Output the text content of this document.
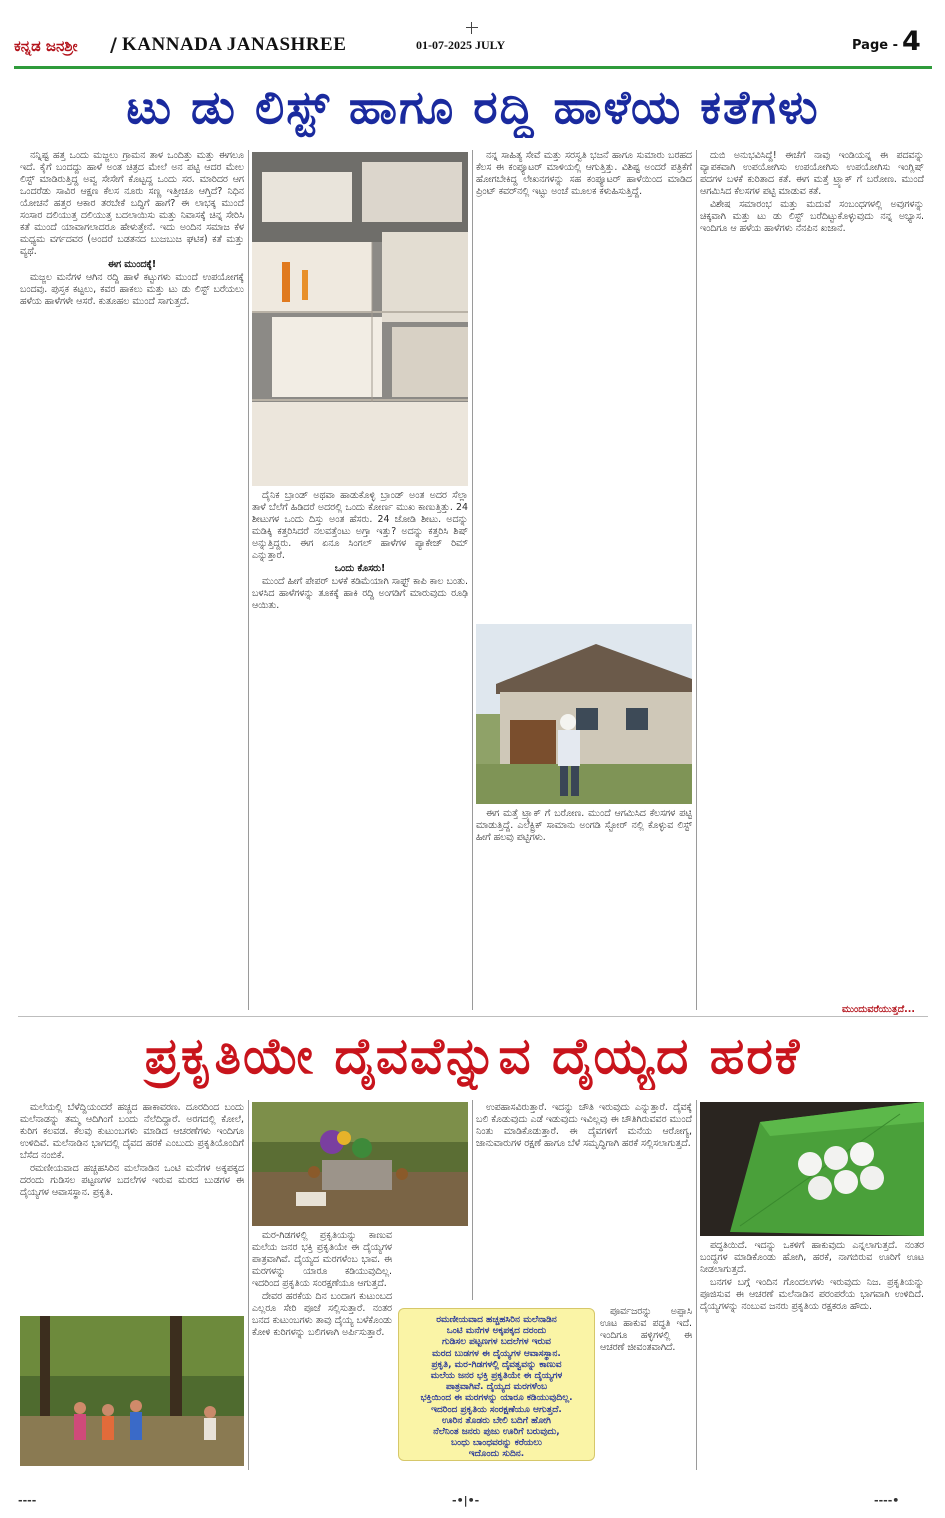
ಕನ್ನಡ ಜನಶ್ರೀ / KANNADA JANASHREE	01-07-2025 JULY	Page - 4
ಟು ಡು ಲಿಸ್ಟ್ ಹಾಗೂ ರದ್ದಿ ಹಾಳೆಯ ಕತೆಗಳು

ನನ್ನಿಷ್ಟ ಹತ್ತ ಒಂದು ಮಜ್ಜಲು ಗ್ರಾಮನ ತಾಳ ಒಂದಿತ್ತು ಮತ್ತು ಈಗಲೂ ಇದೆ. ಕೈಗೆ ಬಂದದ್ದು ಹಾಳೆ ಅಂತ ಚಿತ್ರದ ಮೇಲೆ ಅನ ಪಟ್ಟಿ ಆದರ ಮೇಲ ಲಿಸ್ಟ್ ಮಾಡಿರುತ್ತಿದ್ದ ಅವ್ವ ಸೇಸೇಗೆ ಕೊಟ್ಟದ್ದ ಒಂದು ಸರ. ಮಾರಿದರ ಆಗ ಒಂದರೆಡು ಸಾವಿರ ಆಕ್ಷಣ ಕೆಲಸ ನೂರು ಸಣ್ಣ ಇತ್ತೀಚೂ ಆಗ್ತಿದೆ? ನಿಧಿನ ಯೋಚನೆ ಹತ್ತರ ಆಕಾರ ತರಬೇಕೆ ಬದ್ಧಿಗೆ ಹಾಗೆ? ಈ ಲಾಭಕ್ಕ ಮುಂದೆ ಸಂಸಾರ ದಲಿಯುತ್ತ ದಲಿಯುತ್ತ ಬದಲಾಯಿಸು ಮತ್ತು ನಿವಾಸಕ್ಕೆ ಚಿನ್ನ ಸೇರಿಸಿ ಕತೆ ಮುಂದೆ ಯಾವಾಗಲಾದರೂ ಹೇಳುತ್ತೇನೆ. ಇದು ಅಂದಿನ ಸಮಾಜ ಕೆಳ ಮಧ್ಯಮ ವರ್ಗದವರ (ಅಂದರೆ ಬಡತನದ ಬುಜಬುಜ ಘಟಿಕ) ಕತೆ ಮತ್ತು ವ್ಯಥೆ.

ಈಗ ಮುಂದಕ್ಕೆ!

ಮಜ್ಜಲ ಮನೆಗಳ ಆಗಿನ ರದ್ದಿ ಹಾಳೆ ಕಟ್ಟುಗಳು ಮುಂದೆ ಉಪಯೋಗಕ್ಕೆ ಬಂದವು. ಪುಸ್ತಕ ಕಟ್ಟಲು, ಕವರ ಹಾಕಲು ಮತ್ತು ಟು ಡು ಲಿಸ್ಟ್ ಬರೆಯಲು ಹಳೆಯ ಹಾಳೆಗಳೇ ಆಸರೆ. ಕುತೂಹಲ ಮುಂದೆ ಸಾಗುತ್ತದೆ.

ದೈನಿಕ ಬ್ರಾಂಡ್ ಅಥವಾ ಹಾಡುಕೊಳ್ಳಿ ಬ್ರಾಂಡ್ ಅಂತ ಅದರ ಸೆಲ್ಲಾ ತಾಳೆ ಬೆಲೆಗೆ ಹಿಡಿದರೆ ಅದರಲ್ಲಿ ಒಂದು ಕೋರ್ಣ ಮುಖ ಕಾಣುತ್ತಿತ್ತು. 24 ಶೀಟುಗಳ ಒಂದು ದಿಸ್ತು ಅಂತ ಹೆಸರು. 24 ಜೋಡಿ ಶೀಟು. ಅದನ್ನು ಮಡಿಕ್ಕಿ ಕತ್ತರಿಸಿದರೆ ನಲವತ್ತೆಂಟು ಅಗ್ತಾ ಇತ್ತು? ಅದನ್ನು ಕತ್ತರಿಸಿ ಶಿಷ್ ಅನ್ನುತ್ತಿದ್ದರು. ಈಗ ಏನೂ ಸಿಂಗಲ್ ಹಾಳೆಗಳ ಪ್ಯಾಕೇಜ್ ರಿಮ್ ಎನ್ನುತ್ತಾರೆ.

ಒಂದು ಕೊಸರು!

ಮುಂದೆ ಹೀಗೆ ಪೇಪರ್ ಬಳಕೆ ಕಡಿಮೆಯಾಗಿ ಸಾಫ್ಟ್ ಕಾಪಿ ಕಾಲ ಬಂತು. ಬಳಸಿದ ಹಾಳೆಗಳನ್ನು ತೂಕಕ್ಕೆ ಹಾಕಿ ರದ್ದಿ ಅಂಗಡಿಗೆ ಮಾರುವುದು ರೂಢಿ ಆಯಿತು.

ನನ್ನ ಸಾಹಿತ್ಯ ಸೇವೆ ಮತ್ತು ಸರಸ್ವತಿ ಭಜನೆ ಹಾಗೂ ಸುಮಾರು ಬರಹದ ಕೆಲಸ ಈ ಕಂಪ್ಯೂಟರ್ ಮಾಳಿಯಲ್ಲಿ ಆಗುತ್ತಿತ್ತು. ವಿಶಿಷ್ಟ ಅಂದರೆ ಪತ್ರಿಕೆಗೆ ಹೋಗಬೇಕಿದ್ದ ಲೇಖನಗಳನ್ನು ಸಹ ಕಂಪ್ಯೂಟರ್ ಹಾಳೆಯಿಂದ ಮಾಡಿದ ಪ್ರಿಂಟ್ ಕವರ್‌ನಲ್ಲಿ ಇಟ್ಟು ಅಂಚೆ ಮೂಲಕ ಕಳುಹಿಸುತ್ತಿದ್ದೆ.

ಈಗ ಮತ್ತೆ ಟ್ರ್ಯಾಕ್ ಗೆ ಬರೋಣ. ಮುಂದೆ ಆಗಮಿಸಿದ ಕೆಲಸಗಳ ಪಟ್ಟಿ ಮಾಡುತ್ತಿದ್ದೆ. ಎಲೆಕ್ಟ್ರಿಕ್ ಸಾಮಾನು ಅಂಗಡಿ ಸ್ಟೋರ್ ನಲ್ಲಿ ಕೊಳ್ಳುವ ಲಿಸ್ಟ್ ಹೀಗೆ ಹಲವು ಪಟ್ಟಿಗಳು.

ದುಬಿ ಅನುಭವಿಸಿದ್ದೆ! ಈಚೆಗೆ ನಾವು ಇಂಡಿಯನ್ನ ಈ ಪದವನ್ನು ವ್ಯಾಪಕವಾಗಿ ಉಪಯೋಗಿಸು ಉಪಯೋಗಿಸು ಉಪಯೋಗಿಸು ಇಂಗ್ಲಿಷ್ ಪದಗಳ ಬಳಕೆ ಕುರಿತಾದ ಕತೆ. ಈಗ ಮತ್ತೆ ಟ್ರ್ಯಾಕ್ ಗೆ ಬರೋಣ. ಮುಂದೆ ಆಗಮಿಸಿದ ಕೆಲಸಗಳ ಪಟ್ಟಿ ಮಾಡುವ ಕತೆ.

ವಿಶೇಷ ಸಮಾರಂಭ ಮತ್ತು ಮದುವೆ ಸಂಬಂಧಗಳಲ್ಲಿ ಅವುಗಳನ್ನು ಚಿಕ್ಕವಾಗಿ ಮತ್ತು ಟು ಡು ಲಿಸ್ಟ್ ಬರೆದಿಟ್ಟುಕೊಳ್ಳುವುದು ನನ್ನ ಅಭ್ಯಾಸ. ಇಂದಿಗೂ ಆ ಹಳೆಯ ಹಾಳೆಗಳು ನೆನಪಿನ ಖಜಾನೆ.

ಮುಂದುವರೆಯುತ್ತದೆ...
ಪ್ರಕೃತಿಯೇ ದೈವವೆನ್ನುವ ದೈಯ್ಯದ ಹರಕೆ

ಮಲೆಯಲ್ಲಿ ಬೆಳೆದ್ದಿಯಂದರೆ ಹಚ್ಚದ ಹಾಕಾವರಣ. ದೂರದಿಂದ ಬಂದು ಮಲೆನಾಡನ್ನು ತಮ್ಮ ಆದಿಗಿಂಗೆ ಬಂದು ನೆಲೆದಿದ್ದಾರೆ. ಅರಗದಲ್ಲಿ ಕೋಲೆ, ಕುರಿಗ ಕಲವಡ. ಕೆಲವು ಕುಟುಂಬಗಳು ಮಾಡಿದ ಆಚರಣೆಗಳು ಇಂದಿಗೂ ಉಳಿದಿವೆ. ಮಲೆನಾಡಿನ ಭಾಗದಲ್ಲಿ ದೈವದ ಹರಕೆ ಎಂಬುದು ಪ್ರಕೃತಿಯೊಂದಿಗೆ ಬೆಸೆದ ನಂಬಿಕೆ.

ರಮಣೀಯವಾದ ಹಚ್ಚಹಸಿರಿನ ಮಲೆನಾಡಿನ ಒಂಟಿ ಮನೆಗಳ ಅಕ್ಕಪಕ್ಕದ ದರಂದು ಗುಡಿಸಲ ಪಟ್ಟಣಗಳ ಬದಲೆಗಳ ಇರುವ ಮರದ ಬುಡಗಳ ಈ ದೈಯ್ಯಗಳ ಆವಾಸಸ್ಥಾನ. ಪ್ರಕೃತಿ.

ಮರ-ಗಿಡಗಳಲ್ಲಿ ಪ್ರಕೃತಿಯನ್ನು ಕಾಣುವ ಮಲೆಯ ಜನರ ಭಕ್ತಿ ಪ್ರಕೃತಿಯೇ ಈ ದೈಯ್ಯಗಳ ಪಾತ್ರವಾಗಿವೆ. ದೈಯ್ಯದ ಮರಗಳೆಂಬ ಭಾವ. ಈ ಮರಗಳನ್ನು ಯಾರೂ ಕಡಿಯುವುದಿಲ್ಲ. ಇದರಿಂದ ಪ್ರಕೃತಿಯ ಸಂರಕ್ಷಣೆಯೂ ಆಗುತ್ತದೆ.

ದೇವರ ಹರಕೆಯ ದಿನ ಬಂದಾಗ ಕುಟುಂಬದ ಎಲ್ಲರೂ ಸೇರಿ ಪೂಜೆ ಸಲ್ಲಿಸುತ್ತಾರೆ. ನಂತರ ಬನದ ಕುಟುಂಬಗಳು ತಾವು ದೈಯ್ಯ ಬಳೆಕೊಂಡು ಕೋಳಿ ಕುರಿಗಳನ್ನು ಬಲಿಗಳಾಗಿ ಅರ್ಪಿಸುತ್ತಾರೆ.

ರಮಣೀಯವಾದ ಹಚ್ಚಹಸಿರಿನ ಮಲೆನಾಡಿನ
ಒಂಟಿ ಮನೆಗಳ ಅಕ್ಕಪಕ್ಕದ ದರಂದು
ಗುಡಿಸಲ ಪಟ್ಟಣಗಳ ಬದಲೆಗಳ ಇರುವ
ಮರದ ಬುಡಗಳ ಈ ದೈಯ್ಯಗಳ ಆವಾಸಸ್ಥಾನ.
ಪ್ರಕೃತಿ, ಮರ-ಗಿಡಗಳಲ್ಲಿ ದೈವತ್ವವನ್ನು ಕಾಣುವ
ಮಲೆಯ ಜನರ ಭಕ್ತಿ ಪ್ರಕೃತಿಯೇ ಈ ದೈಯ್ಯಗಳ
ಪಾತ್ರವಾಗಿವೆ. ದೈಯ್ಯದ ಮರಗಳೆಂಬ
ಭಕ್ತಿಯಿಂದ ಈ ಮರಗಳನ್ನು ಯಾರೂ ಕಡಿಯುವುದಿಲ್ಲ.
ಇದರಿಂದ ಪ್ರಕೃತಿಯ ಸಂರಕ್ಷಣೆಯೂ ಆಗುತ್ತದೆ.
ಊರಿನ ತೊಡರು ಬೇಲಿ ಬದಿಗೆ ಹೋಗಿ
ನೆಲೆನಿಂತ ಜನರು ಪುಜು ಊರಿಗೆ ಬರುವುದು,
ಬಂಧು ಬಾಂಧವರನ್ನು ಕರೆಯಲು
ಇದೊಂದು ಸುದಿನ.

ಉಪಹಾಸವಿರುತ್ತಾರೆ. ಇದನ್ನು ಚೌತಿ ಇರುವುದು ಎನ್ನುತ್ತಾರೆ. ದೈವಕ್ಕೆ ಬಲಿ ಕೊಡುವುದು ಎಡೆ ಇಡುವುದು ಇವಿಲ್ಲವು ಈ ಚೌತಿಗಿರುವವರ ಮುಂದೆ ನಿಂತು ಮಾಡಿಕೊಡುತ್ತಾರೆ. ಈ ದೈವಗಳಿಗೆ ಮನೆಯ ಆರೋಗ್ಯ, ಜಾನುವಾರುಗಳ ರಕ್ಷಣೆ ಹಾಗೂ ಬೆಳೆ ಸಮೃದ್ಧಿಗಾಗಿ ಹರಕೆ ಸಲ್ಲಿಸಲಾಗುತ್ತದೆ.

ಪೂರ್ವಜರನ್ನು ಅಪ್ಪಾಸಿ ಊಟ ಹಾಕುವ ಪದ್ಧತಿ ಇದೆ. ಇಂದಿಗೂ ಹಳ್ಳಿಗಳಲ್ಲಿ ಈ ಆಚರಣೆ ಜೀವಂತವಾಗಿದೆ.

ಪದ್ಧತಿಯಿದೆ. ಇದನ್ನು ಒಕಳಿಗೆ ಹಾಕುವುದು ಎನ್ನಲಾಗುತ್ತದೆ. ನಂತರ ಬಂದ್ದಗಳ ಮಾಡಿಕೊಂಡು ಹೋಗಿ, ಹರಕೆ, ನಾಗಬಿರುವ ಊರಿಗೆ ಊಟ ನೀಡಲಾಗುತ್ತದೆ.

ಬನಗಳ ಬಗ್ಗೆ ಇಂದಿನ ಗೊಂದಲಗಳು ಇರುವುದು ನಿಜ. ಪ್ರಕೃತಿಯನ್ನು ಪೂಜಿಸುವ ಈ ಆಚರಣೆ ಮಲೆನಾಡಿನ ಪರಂಪರೆಯ ಭಾಗವಾಗಿ ಉಳಿದಿದೆ. ದೈಯ್ಯಗಳನ್ನು ನಂಬುವ ಜನರು ಪ್ರಕೃತಿಯ ರಕ್ಷಕರೂ ಹೌದು.

----	-•|•-	----•
